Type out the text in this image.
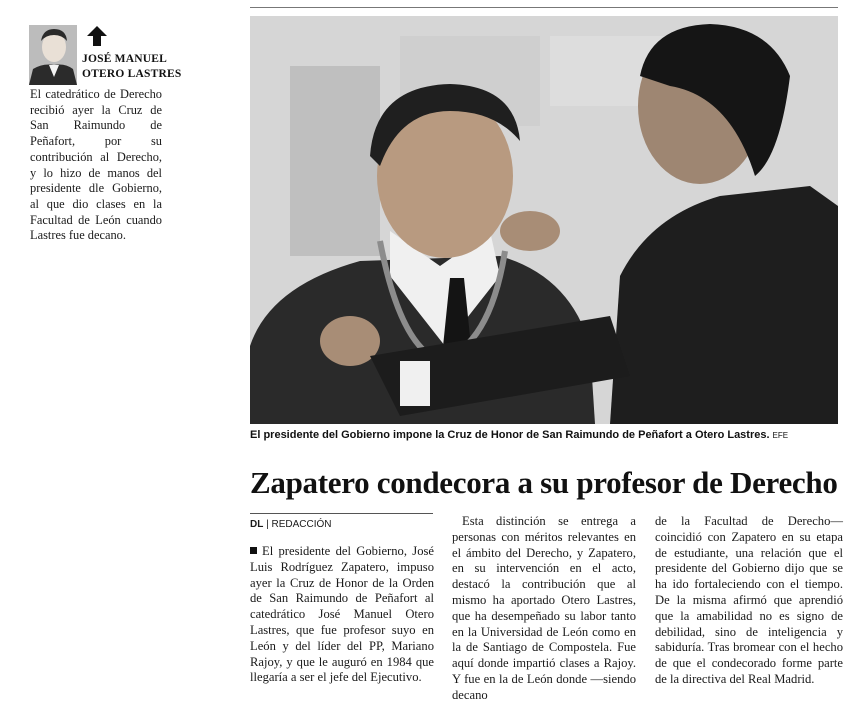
JOSÉ MANUEL
OTERO LASTRES

El catedrático de Derecho recibió ayer la Cruz de San Raimundo de Peñafort, por su contribución al Derecho, y lo hizo de manos del presidente dle Gobierno, al que dio clases en la Facultad de León cuando Lastres fue decano.

El presidente del Gobierno impone la Cruz de Honor de San Raimundo de Peñafort a Otero Lastres. EFE
Zapatero condecora a su profesor de Derecho
DL | REDACCIÓN

El presidente del Gobierno, José Luis Rodríguez Zapatero, impuso ayer la Cruz de Honor de la Orden de San Raimundo de Peñafort al catedrático José Manuel Otero Lastres, que fue profesor suyo en León y del líder del PP, Mariano Rajoy, y que le auguró en 1984 que llegaría a ser el jefe del Ejecutivo.

Esta distinción se entrega a personas con méritos relevantes en el ámbito del Derecho, y Zapatero, en su intervención en el acto, destacó la contribución que al mismo ha aportado Otero Lastres, que ha desempeñado su labor tanto en la Universidad de León como en la de Santiago de Compostela. Fue aquí donde impartió clases a Rajoy. Y fue en la de León donde —siendo decano

de la Facultad de Derecho— coincidió con Zapatero en su etapa de estudiante, una relación que el presidente del Gobierno dijo que se ha ido fortaleciendo con el tiempo. De la misma afirmó que aprendió que la amabilidad no es signo de debilidad, sino de inteligencia y sabiduría. Tras bromear con el hecho de que el condecorado forme parte de la directiva del Real Madrid.
